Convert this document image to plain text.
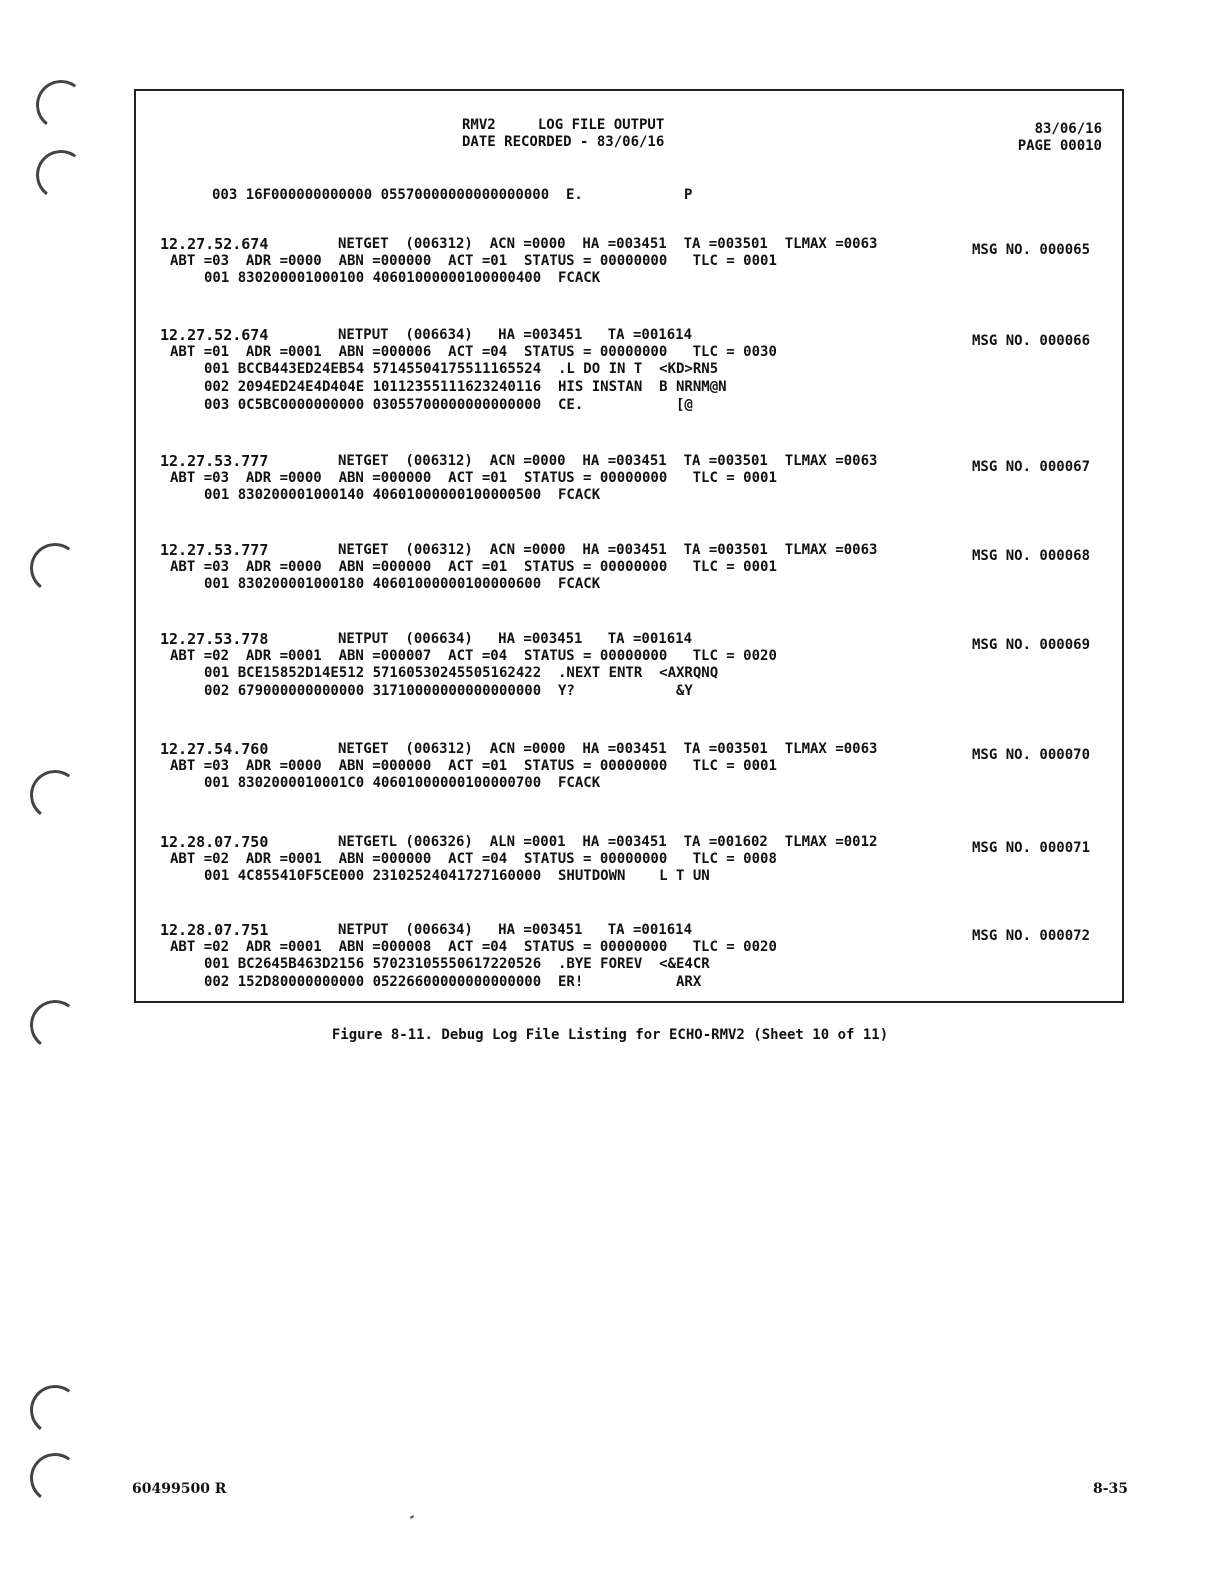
RMV2     LOG FILE OUTPUT
DATE RECORDED - 83/06/16
83/06/16
PAGE 00010
003 16F000000000000 05570000000000000000  E.            P
12.27.52.674	NETGET  (006312)  ACN =0000  HA =003451  TA =003501  TLMAX =0063	MSG NO. 000065
ABT =03  ADR =0000  ABN =000000  ACT =01  STATUS = 00000000   TLC = 0001
001 830200001000100 40601000000100000400  FCACK
12.27.52.674	NETPUT  (006634)   HA =003451   TA =001614	MSG NO. 000066
ABT =01  ADR =0001  ABN =000006  ACT =04  STATUS = 00000000   TLC = 0030
001 BCCB443ED24EB54 57145504175511165524  .L DO IN T  <KD>RN5
002 2094ED24E4D404E 10112355111623240116  HIS INSTAN  B NRNM@N
003 0C5BC0000000000 03055700000000000000  CE.           [@
12.27.53.777	NETGET  (006312)  ACN =0000  HA =003451  TA =003501  TLMAX =0063	MSG NO. 000067
ABT =03  ADR =0000  ABN =000000  ACT =01  STATUS = 00000000   TLC = 0001
001 830200001000140 40601000000100000500  FCACK
12.27.53.777	NETGET  (006312)  ACN =0000  HA =003451  TA =003501  TLMAX =0063	MSG NO. 000068
ABT =03  ADR =0000  ABN =000000  ACT =01  STATUS = 00000000   TLC = 0001
001 830200001000180 40601000000100000600  FCACK
12.27.53.778	NETPUT  (006634)   HA =003451   TA =001614	MSG NO. 000069
ABT =02  ADR =0001  ABN =000007  ACT =04  STATUS = 00000000   TLC = 0020
001 BCE15852D14E512 57160530245505162422  .NEXT ENTR  <AXRQNQ
002 679000000000000 31710000000000000000  Y?            &Y
12.27.54.760	NETGET  (006312)  ACN =0000  HA =003451  TA =003501  TLMAX =0063	MSG NO. 000070
ABT =03  ADR =0000  ABN =000000  ACT =01  STATUS = 00000000   TLC = 0001
001 8302000010001C0 40601000000100000700  FCACK
12.28.07.750	NETGETL (006326)  ALN =0001  HA =003451  TA =001602  TLMAX =0012	MSG NO. 000071
ABT =02  ADR =0001  ABN =000000  ACT =04  STATUS = 00000000   TLC = 0008
001 4C855410F5CE000 23102524041727160000  SHUTDOWN    L T UN
12.28.07.751	NETPUT  (006634)   HA =003451   TA =001614	MSG NO. 000072
ABT =02  ADR =0001  ABN =000008  ACT =04  STATUS = 00000000   TLC = 0020
001 BC2645B463D2156 57023105550617220526  .BYE FOREV  <&E4CR
002 152D80000000000 05226600000000000000  ER!           ARX
Figure 8-11. Debug Log File Listing for ECHO-RMV2 (Sheet 10 of 11)
60499500 R	8-35
